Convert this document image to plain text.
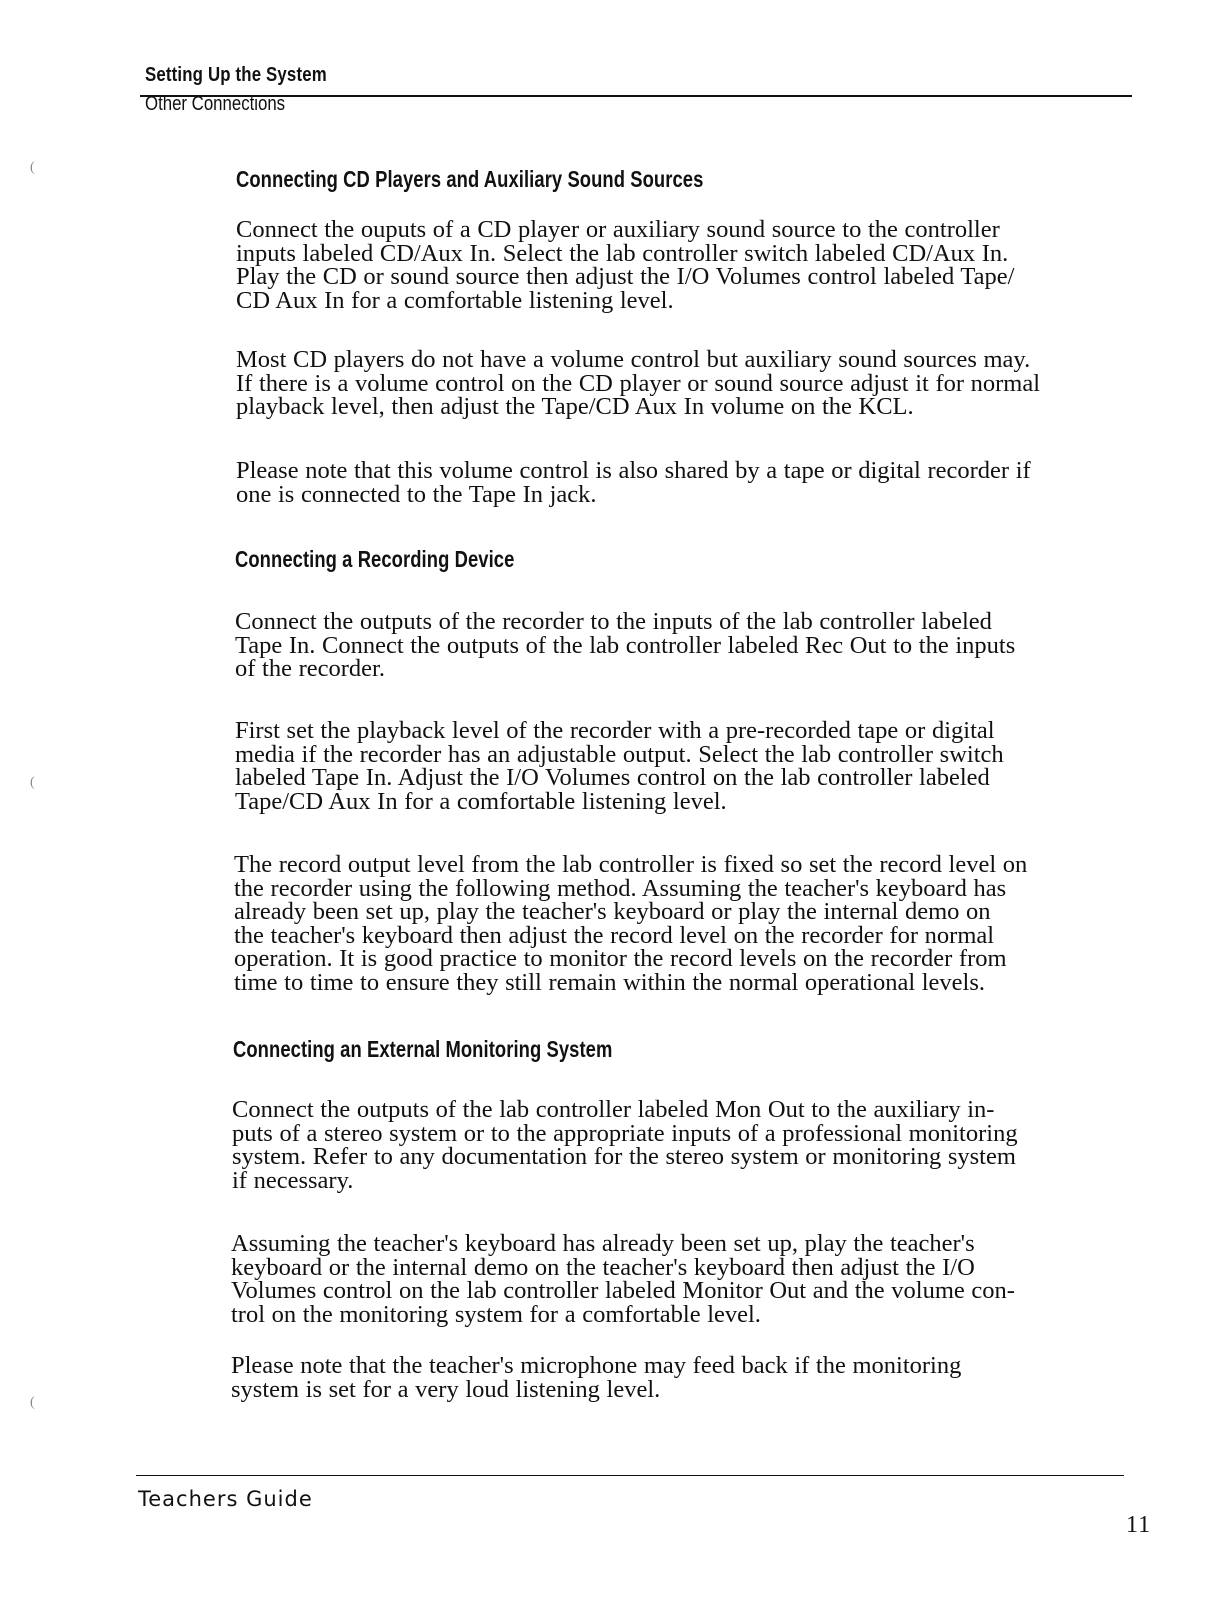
Setting Up the System
Other Connections
(
(
(
Connecting CD Players and Auxiliary Sound Sources
Connect the ouputs of a CD player or auxiliary sound source to the controller
inputs labeled CD/Aux In. Select the lab controller switch labeled CD/Aux In.
Play the CD or sound source then adjust the I/O Volumes control labeled Tape/
CD Aux In for a comfortable listening level.
Most CD players do not have a volume control but auxiliary sound sources may.
If there is a volume control on the CD player or sound source adjust it for normal
playback level, then adjust the Tape/CD Aux In volume on the KCL.
Please note that this volume control is also shared by a tape or digital recorder if
one is connected to the Tape In jack.
Connecting a Recording Device
Connect the outputs of the recorder to the inputs of the lab controller labeled
Tape In. Connect the outputs of the lab controller labeled Rec Out to the inputs
of the recorder.
First set the playback level of the recorder with a pre-recorded tape or digital
media if the recorder has an adjustable output. Select the lab controller switch
labeled Tape In. Adjust the I/O Volumes control on the lab controller labeled
Tape/CD Aux In for a comfortable listening level.
The record output level from the lab controller is fixed so set the record level on
the recorder using the following method. Assuming the teacher's keyboard has
already been set up, play the teacher's keyboard or play the internal demo on
the teacher's keyboard then adjust the record level on the recorder for normal
operation. It is good practice to monitor the record levels on the recorder from
time to time to ensure they still remain within the normal operational levels.
Connecting an External Monitoring System
Connect the outputs of the lab controller labeled Mon Out to the auxiliary in-
puts of a stereo system or to the appropriate inputs of a professional monitoring
system. Refer to any documentation for the stereo system or monitoring system
if necessary.
Assuming the teacher's keyboard has already been set up, play the teacher's
keyboard or the internal demo on the teacher's keyboard then adjust the I/O
Volumes control on the lab controller labeled Monitor Out and the volume con-
trol on the monitoring system for a comfortable level.
Please note that the teacher's microphone may feed back if the monitoring
system is set for a very loud listening level.
Teachers Guide
11
